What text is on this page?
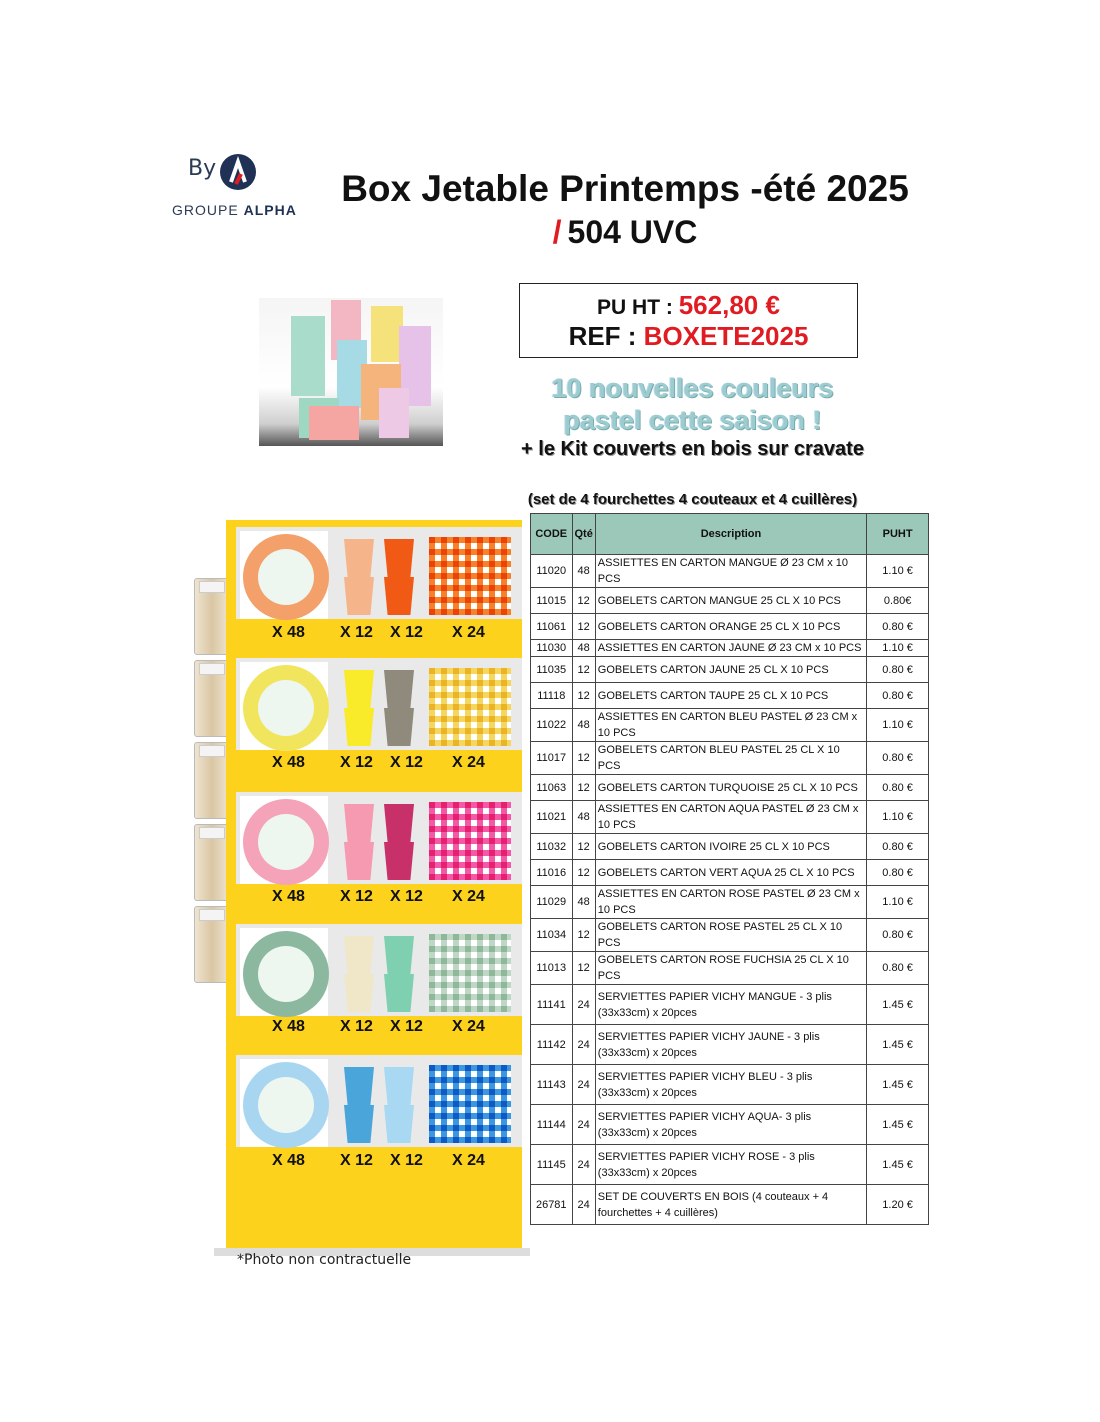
By
GROUPE ALPHA
Box Jetable Printemps -été 2025
/ 504 UVC
PU HT : 562,80 €
REF : BOXETE2025
10 nouvelles couleurs pastel cette saison !
+ le Kit couverts en bois sur cravate
(set de 4 fourchettes 4 couteaux et 4 cuillères)
X 48 X 12 X 12 X 24
X 48 X 12 X 12 X 24
X 48 X 12 X 12 X 24
X 48 X 12 X 12 X 24
X 48 X 12 X 12 X 24
*Photo non contractuelle
CODE	Qté	Description	PUHT
11020	48	ASSIETTES EN CARTON MANGUE Ø 23 CM x 10 PCS	1.10 €
11015	12	GOBELETS CARTON MANGUE 25 CL X 10 PCS	0.80€
11061	12	GOBELETS CARTON ORANGE 25 CL X 10 PCS	0.80 €
11030	48	ASSIETTES EN CARTON JAUNE Ø 23 CM x 10 PCS	1.10 €
11035	12	GOBELETS CARTON JAUNE 25 CL X 10 PCS	0.80 €
11118	12	GOBELETS CARTON TAUPE 25 CL X 10 PCS	0.80 €
11022	48	ASSIETTES EN CARTON BLEU PASTEL Ø 23 CM x 10 PCS	1.10 €
11017	12	GOBELETS CARTON BLEU PASTEL 25 CL X 10 PCS	0.80 €
11063	12	GOBELETS CARTON TURQUOISE 25 CL X 10 PCS	0.80 €
11021	48	ASSIETTES EN CARTON AQUA PASTEL Ø 23 CM x 10 PCS	1.10 €
11032	12	GOBELETS CARTON IVOIRE 25 CL X 10 PCS	0.80 €
11016	12	GOBELETS CARTON VERT AQUA 25 CL X 10 PCS	0.80 €
11029	48	ASSIETTES EN CARTON ROSE PASTEL Ø 23 CM x 10 PCS	1.10 €
11034	12	GOBELETS CARTON ROSE PASTEL 25 CL X 10 PCS	0.80 €
11013	12	GOBELETS CARTON ROSE FUCHSIA 25 CL X 10 PCS	0.80 €
11141	24	SERVIETTES PAPIER VICHY MANGUE - 3 plis (33x33cm) x 20pces	1.45 €
11142	24	SERVIETTES PAPIER VICHY JAUNE - 3 plis (33x33cm) x 20pces	1.45 €
11143	24	SERVIETTES PAPIER VICHY BLEU - 3 plis (33x33cm) x 20pces	1.45 €
11144	24	SERVIETTES PAPIER VICHY AQUA- 3 plis (33x33cm) x 20pces	1.45 €
11145	24	SERVIETTES PAPIER VICHY ROSE - 3 plis (33x33cm) x 20pces	1.45 €
26781	24	SET DE COUVERTS EN BOIS (4 couteaux + 4 fourchettes + 4 cuillères)	1.20 €
